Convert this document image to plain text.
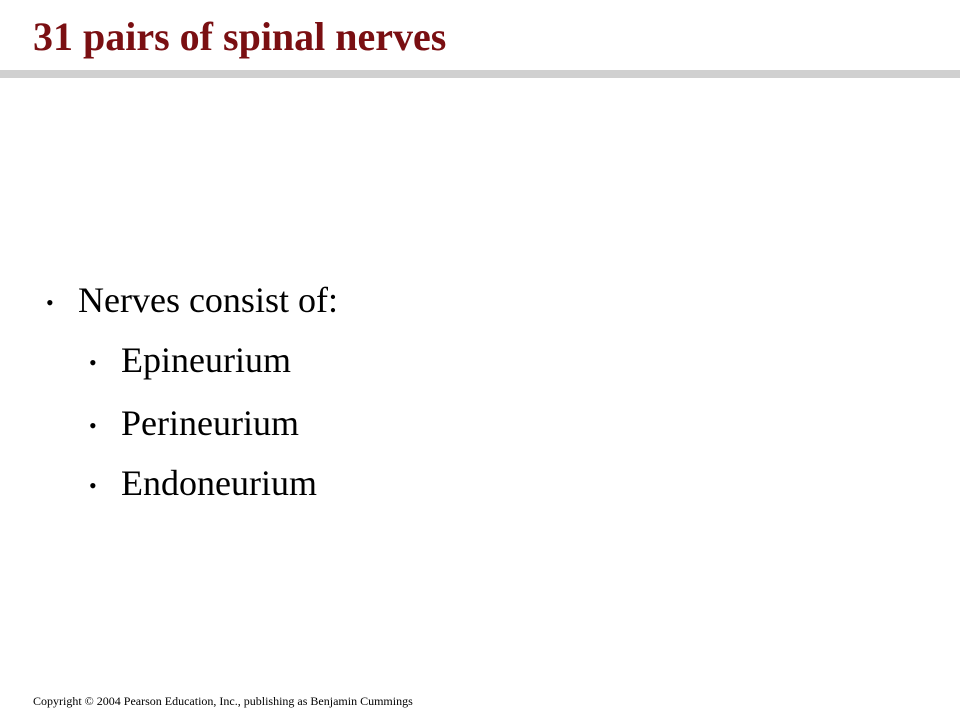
31 pairs of spinal nerves
• Nerves consist of:
• Epineurium
• Perineurium
• Endoneurium
Copyright © 2004 Pearson Education, Inc., publishing as Benjamin Cummings
